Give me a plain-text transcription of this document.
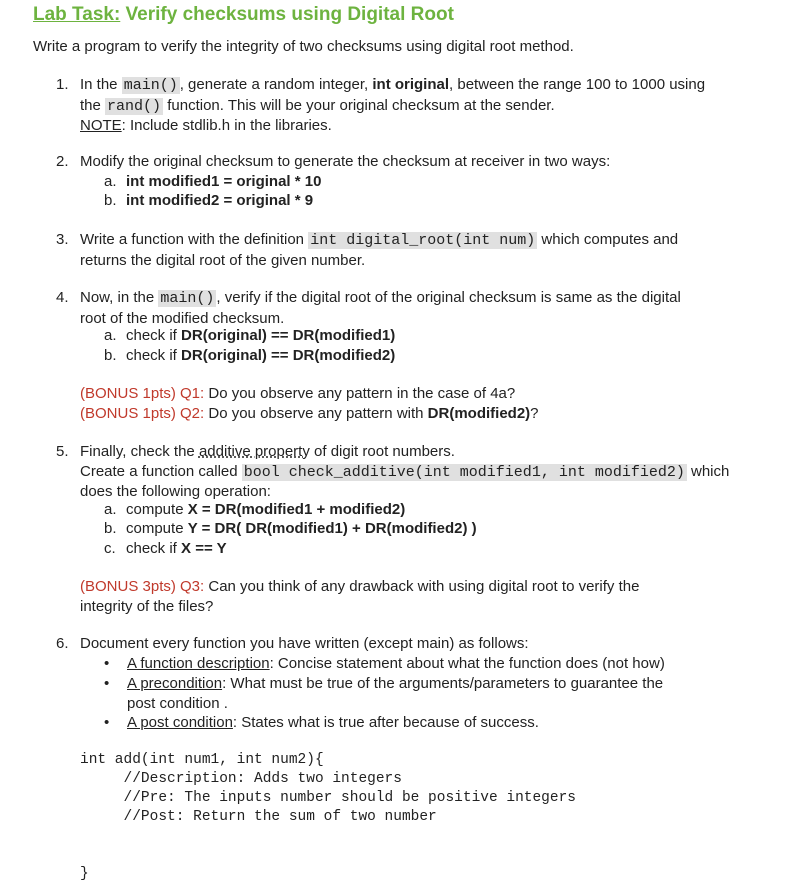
Lab Task: Verify checksums using Digital Root
Write a program to verify the integrity of two checksums using digital root method.
1. In the main() , generate a random integer, int original, between the range 100 to 1000 using
the rand() function. This will be your original checksum at the sender.
NOTE: Include stdlib.h in the libraries.
2. Modify the original checksum to generate the checksum at receiver in two ways:
a. int modified1 = original * 10
b. int modified2 = original * 9
3. Write a function with the definition int digital_root(int num) which computes and
returns the digital root of the given number.
4. Now, in the main() , verify if the digital root of the original checksum is same as the digital
root of the modified checksum.
a. check if DR(original) == DR(modified1)
b. check if DR(original) == DR(modified2)
(BONUS 1pts) Q1: Do you observe any pattern in the case of 4a?
(BONUS 1pts) Q2: Do you observe any pattern with DR(modified2)?
5. Finally, check the additive property of digit root numbers.
Create a function called bool check_additive(int modified1, int modified2) which
does the following operation:
a. compute X = DR(modified1 + modified2)
b. compute Y = DR( DR(modified1) + DR(modified2) )
c. check if X == Y
(BONUS 3pts) Q3: Can you think of any drawback with using digital root to verify the
integrity of the files?
6. Document every function you have written (except main) as follows:
• A function description: Concise statement about what the function does (not how)
• A precondition: What must be true of the arguments/parameters to guarantee the
post condition .
• A post condition: States what is true after because of success.
int add(int num1, int num2){
//Description: Adds two integers
//Pre: The inputs number should be positive integers
//Post: Return the sum of two number

}
